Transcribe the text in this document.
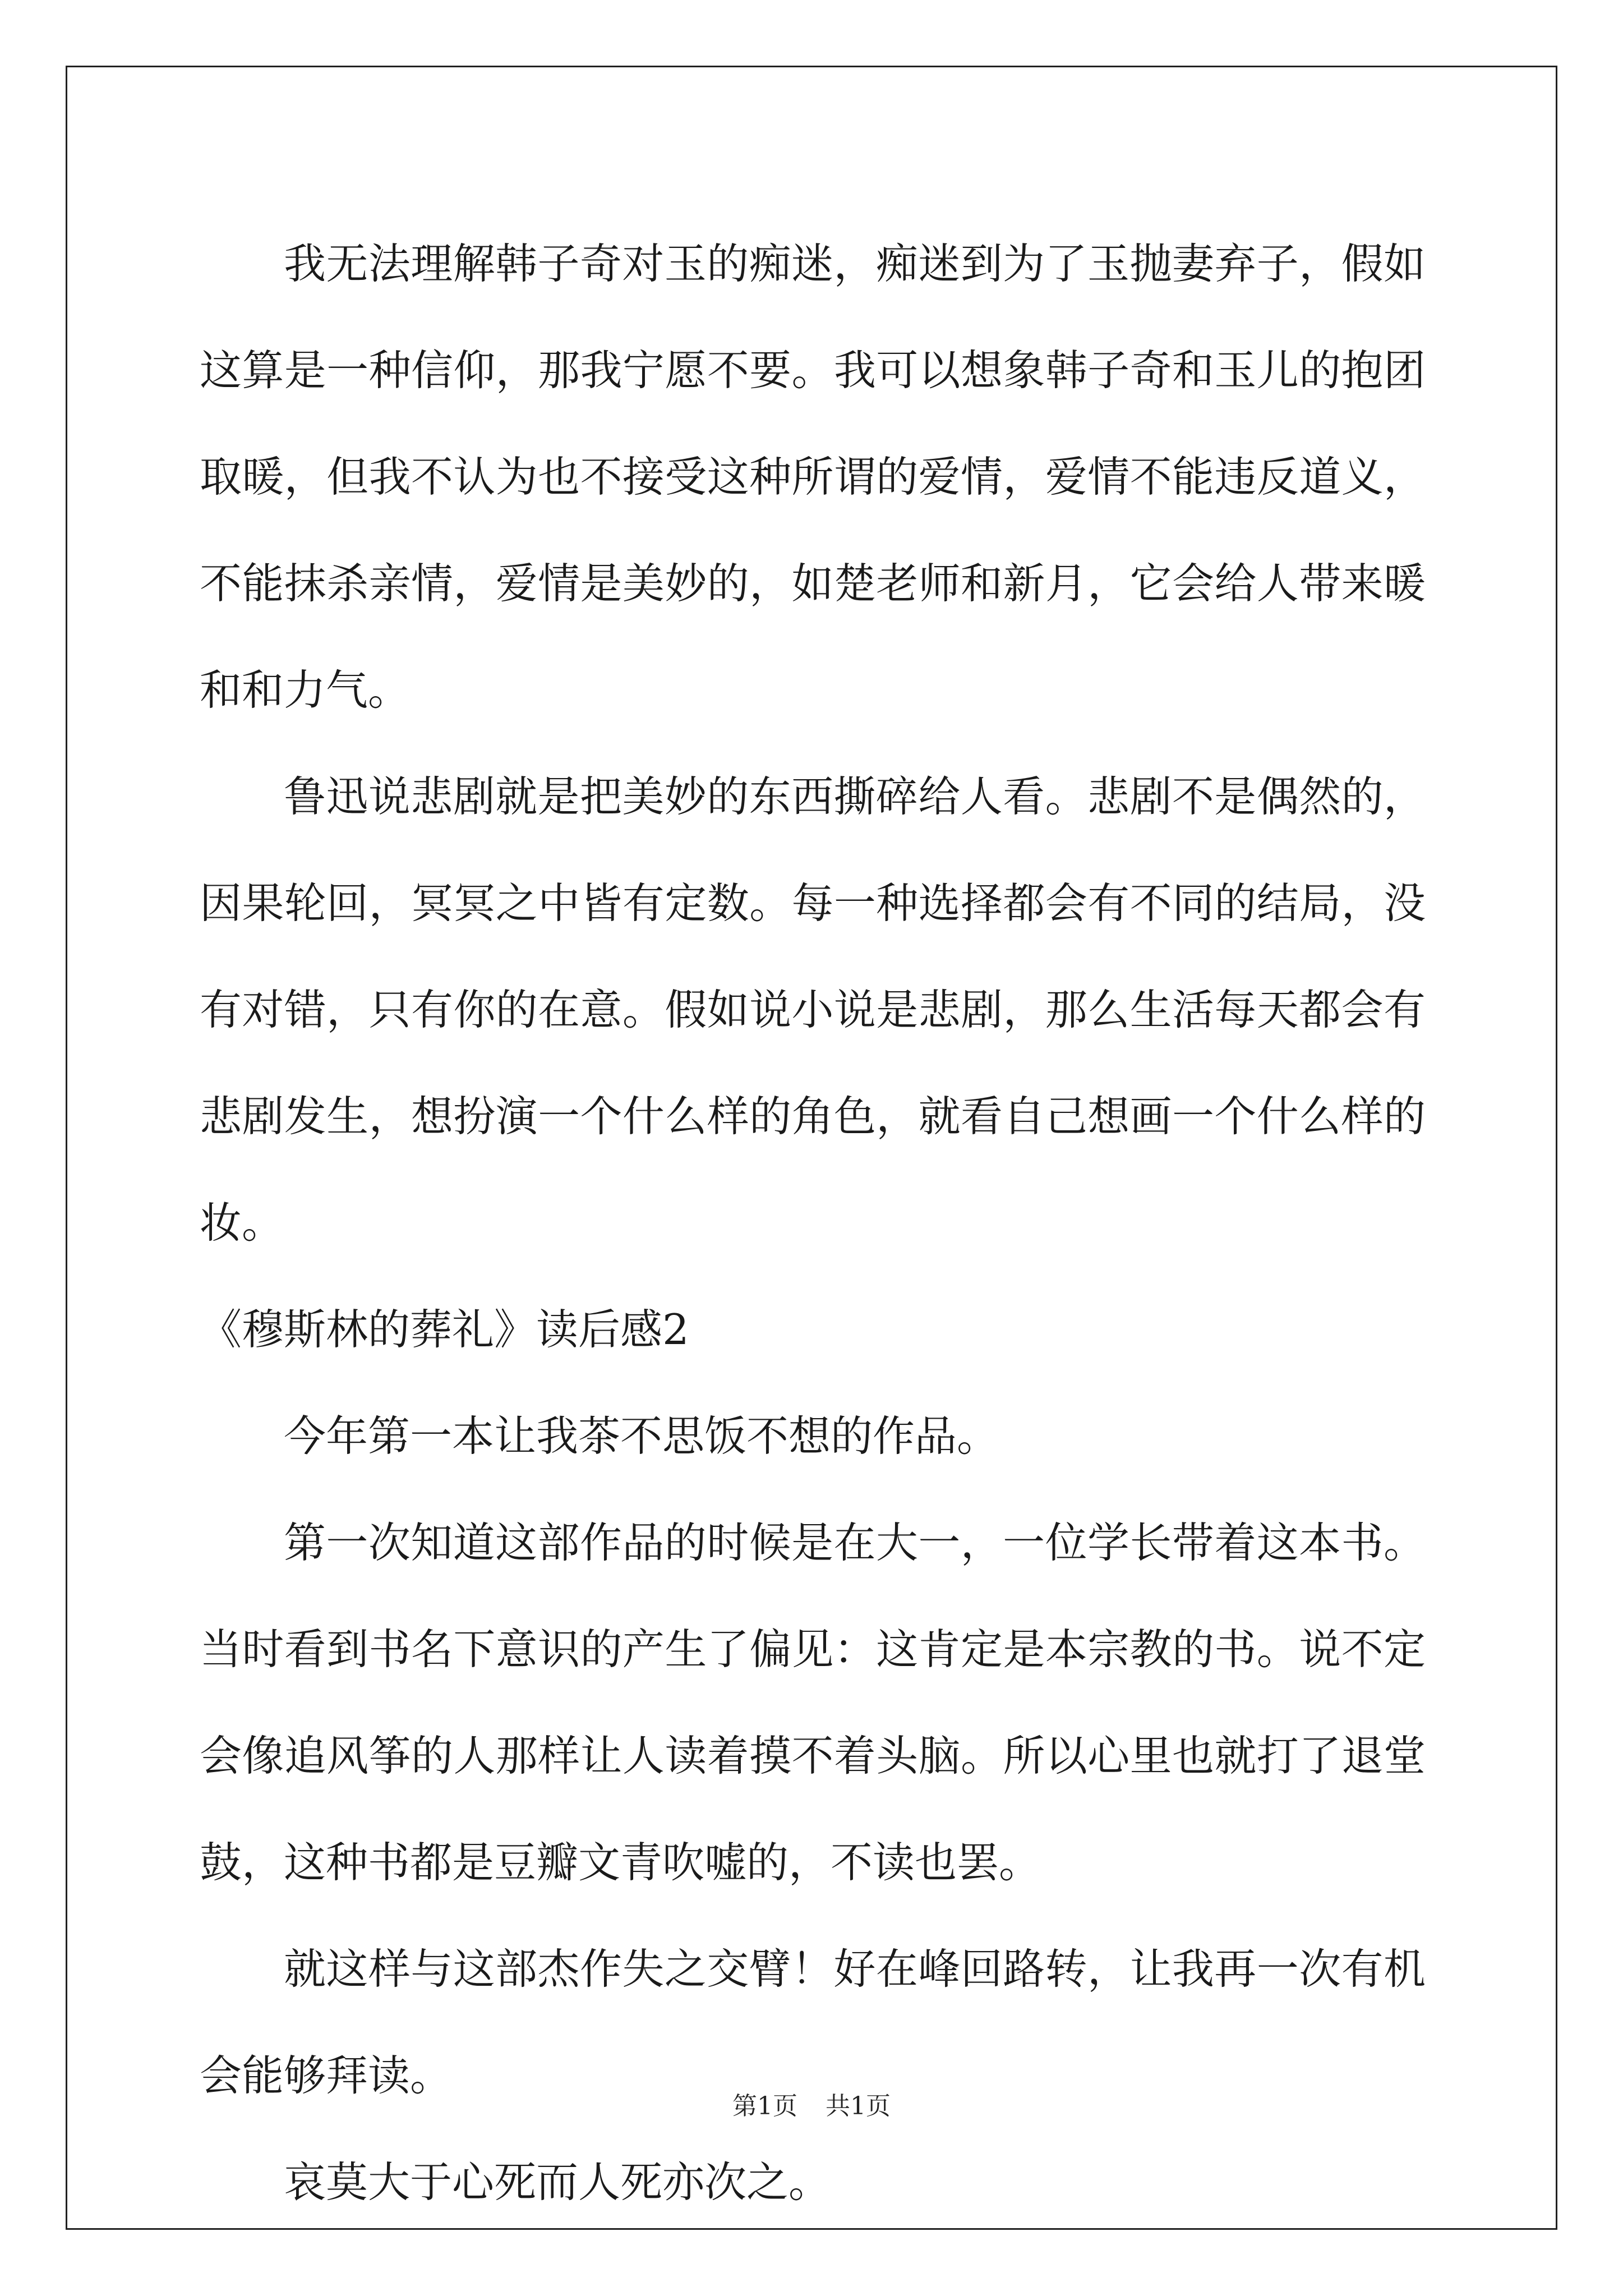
我无法理解韩子奇对玉的痴迷，痴迷到为了玉抛妻弃子，假如这算是一种信仰，那我宁愿不要。我可以想象韩子奇和玉儿的抱团取暖，但我不认为也不接受这种所谓的爱情，爱情不能违反道义，不能抹杀亲情，爱情是美妙的，如楚老师和新月，它会给人带来暖和和力气。

鲁迅说悲剧就是把美妙的东西撕碎给人看。悲剧不是偶然的，因果轮回，冥冥之中皆有定数。每一种选择都会有不同的结局，没有对错，只有你的在意。假如说小说是悲剧，那么生活每天都会有悲剧发生，想扮演一个什么样的角色，就看自己想画一个什么样的妆。

《穆斯林的葬礼》读后感2

今年第一本让我茶不思饭不想的作品。

第一次知道这部作品的时候是在大一，一位学长带着这本书。当时看到书名下意识的产生了偏见：这肯定是本宗教的书。说不定会像追风筝的人那样让人读着摸不着头脑。所以心里也就打了退堂鼓，这种书都是豆瓣文青吹嘘的，不读也罢。

就这样与这部杰作失之交臂！好在峰回路转，让我再一次有机会能够拜读。

哀莫大于心死而人死亦次之。

第1页 共1页
